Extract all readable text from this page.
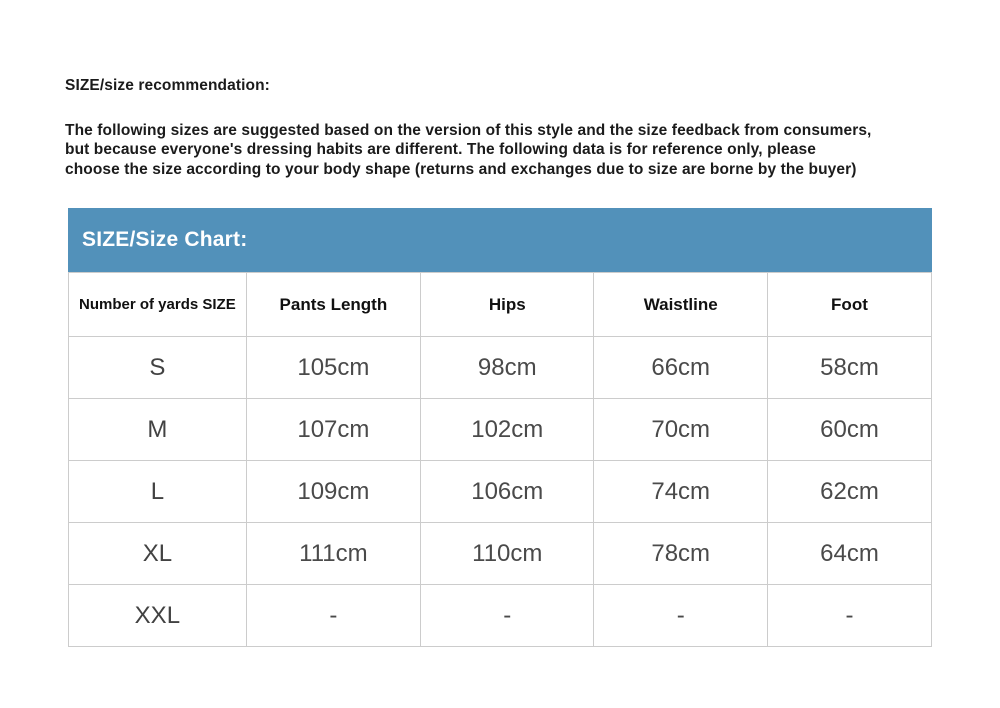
SIZE/size recommendation:
The following sizes are suggested based on the version of this style and the size feedback from consumers,
but because everyone's dressing habits are different. The following data is for reference only, please
choose the size according to your body shape (returns and exchanges due to size are borne by the buyer)
SIZE/Size Chart:
Number of yards SIZE	Pants Length	Hips	Waistline	Foot
S	105cm	98cm	66cm	58cm
M	107cm	102cm	70cm	60cm
L	109cm	106cm	74cm	62cm
XL	111cm	110cm	78cm	64cm
XXL	-	-	-	-
